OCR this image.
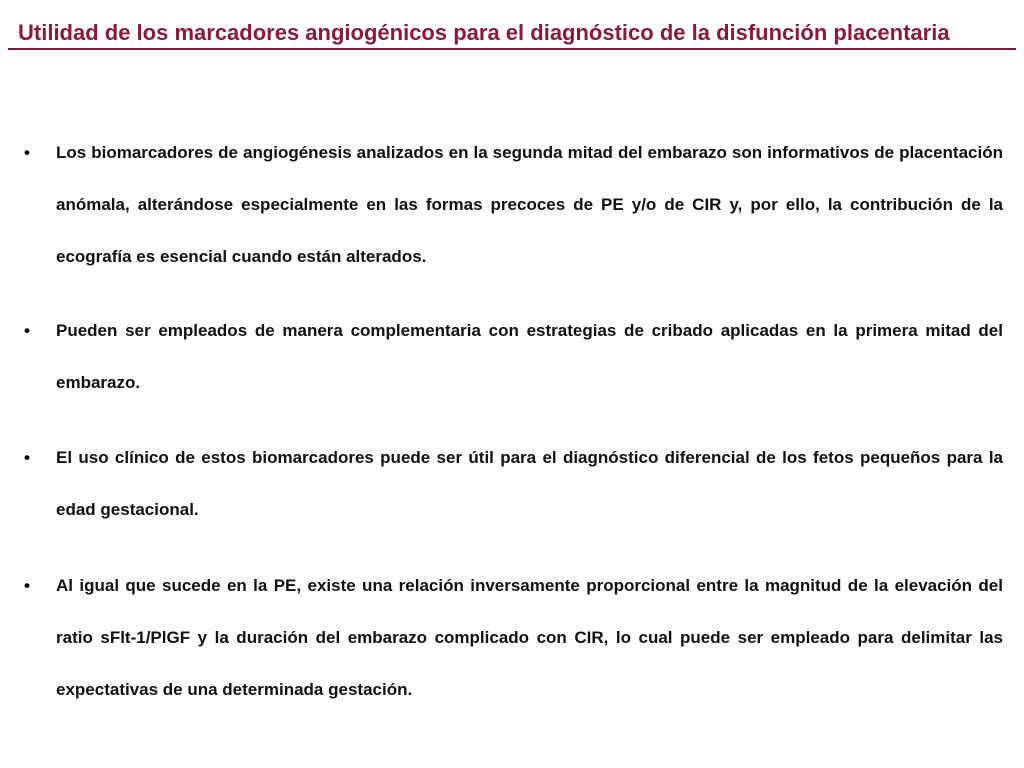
Utilidad de los marcadores angiogénicos para el diagnóstico de la disfunción placentaria
• Los biomarcadores de angiogénesis analizados en la segunda mitad del embarazo son informativos de placentación anómala, alterándose especialmente en las formas precoces de PE y/o de CIR y, por ello, la contribución de la ecografía es esencial cuando están alterados.
• Pueden ser empleados de manera complementaria con estrategias de cribado aplicadas en la primera mitad del embarazo.
• El uso clínico de estos biomarcadores puede ser útil para el diagnóstico diferencial de los fetos pequeños para la edad gestacional.
• Al igual que sucede en la PE, existe una relación inversamente proporcional entre la magnitud de la elevación del ratio sFlt-1/PlGF y la duración del embarazo complicado con CIR, lo cual puede ser empleado para delimitar las expectativas de una determinada gestación.
